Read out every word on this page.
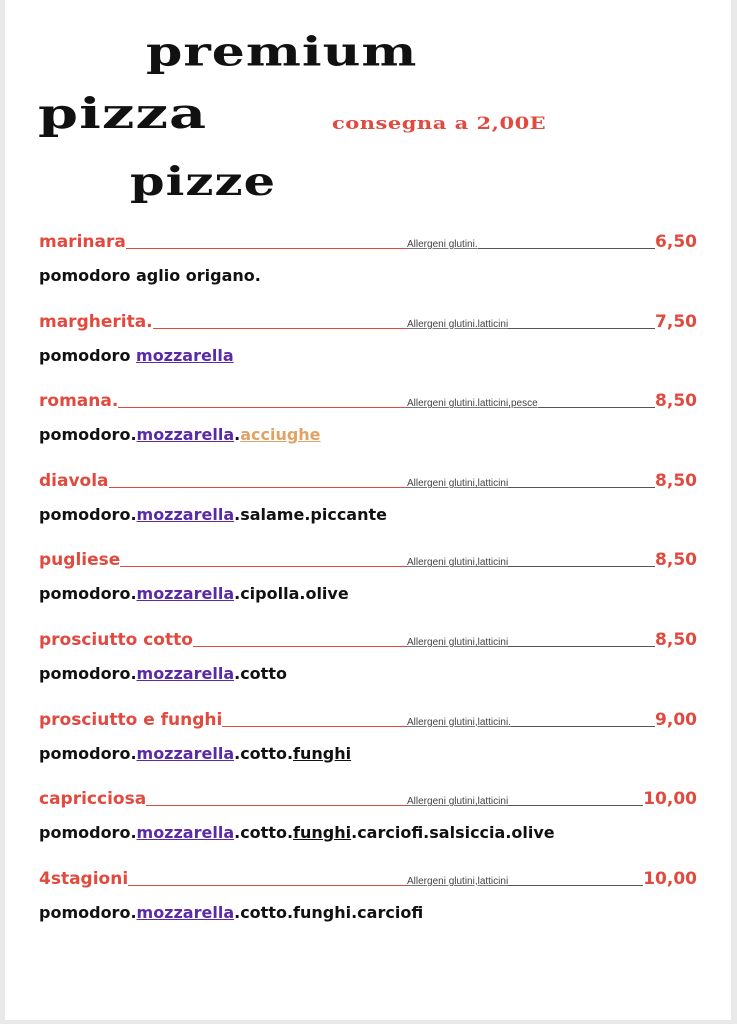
premium
pizza	consegna a 2,00E
pizze
marinara	Allergeni glutini.	6,50
pomodoro aglio origano.
margherita.	Allergeni glutini.latticini	7,50
pomodoro mozzarella
romana.	Allergeni glutini.latticini,pesce	8,50
pomodoro.mozzarella.acciughe
diavola	Allergeni glutini,latticini	8,50
pomodoro.mozzarella.salame.piccante
pugliese	Allergeni glutini,latticini	8,50
pomodoro.mozzarella.cipolla.olive
prosciutto cotto	Allergeni glutini,latticini	8,50
pomodoro.mozzarella.cotto
prosciutto e funghi	Allergeni glutini,latticini.	9,00
pomodoro.mozzarella.cotto.funghi
capricciosa	Allergeni glutini,latticini	10,00
pomodoro.mozzarella.cotto.funghi.carciofi.salsiccia.olive
4stagioni	Allergeni glutini,latticini	10,00
pomodoro.mozzarella.cotto.funghi.carciofi
